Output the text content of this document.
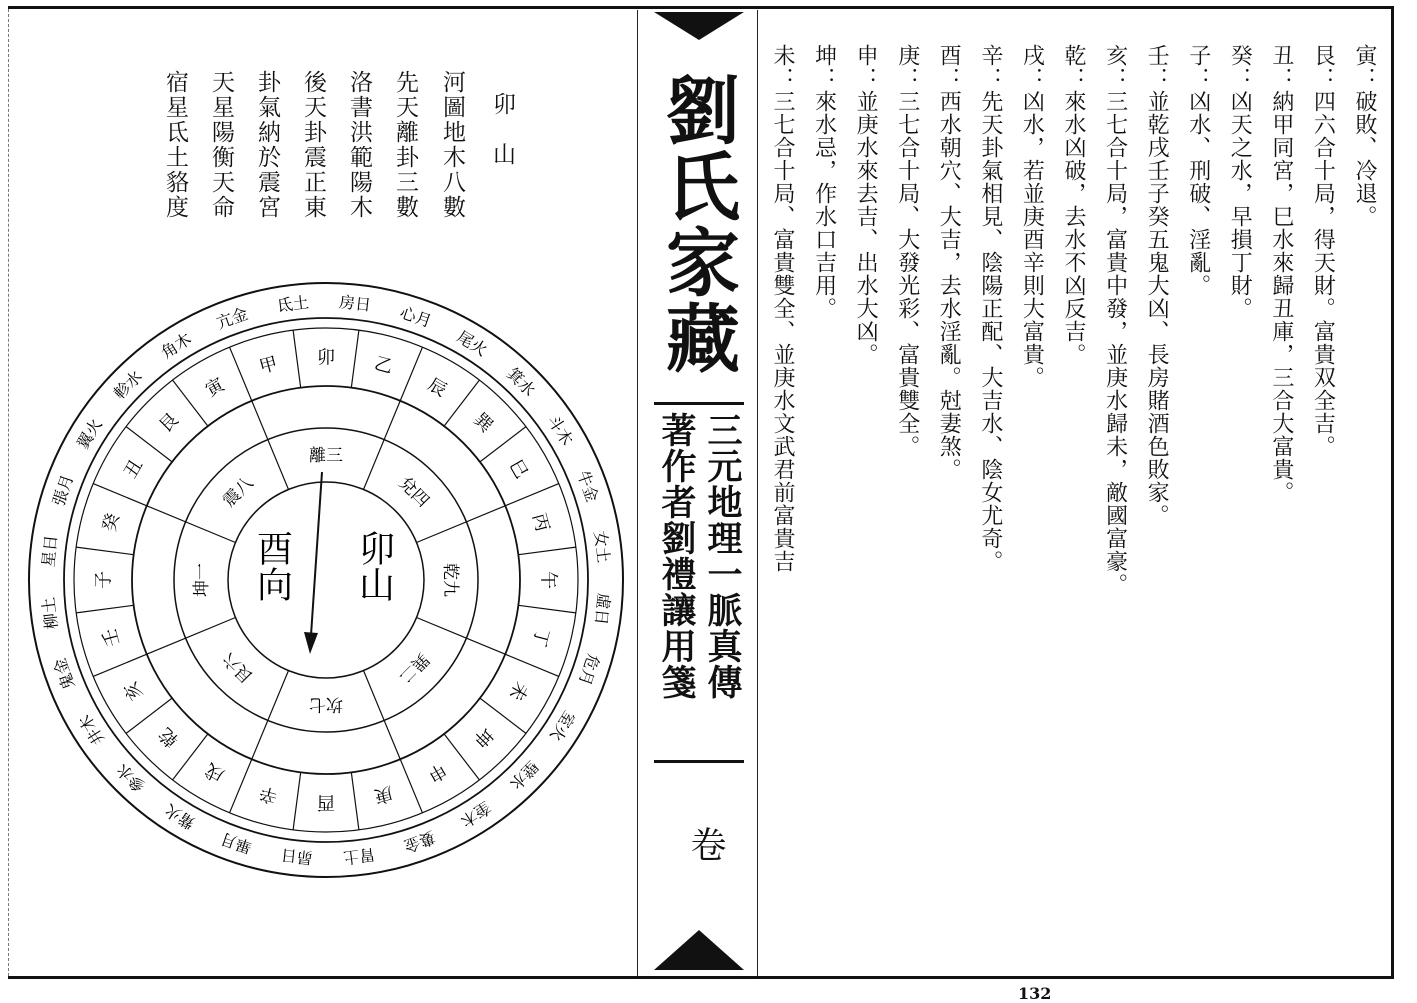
卯　山
河圖地木八數
先天離卦三數
洛書洪範陽木
後天卦震正東
卦氣納於震宮
天星陽衡天命
宿星氐土貉度
房日 心月
尾火
箕水
斗木
牛金
女土
虛日
危月
室火
壁水
奎木
婁金
胃土
昴日
畢月
觜火
參水
井木
鬼金
柳土
星日
張月
翼火
軫水
角木
亢金 氐土
甲 卯 乙
辰
巽
巳
丙
午
丁
未
坤
申
庚
酉
辛
戌
乾
亥
壬
子
癸
丑
艮
寅
離三
兌四
乾九
巽二
坎七
艮六
坤一
震八
卯山
酉向
劉氏家藏
三元地理一脈真傳
著作者劉禮讓用箋
卷
寅：破敗、冷退。
艮：四六合十局，得天財。富貴双全吉。
丑：納甲同宮，巳水來歸丑庫，三合大富貴。
癸：凶天之水，早損丁財。
子：凶水、刑破、淫亂。
壬：並乾戌壬子癸五鬼大凶、長房賭酒色敗家。
亥：三七合十局，富貴中發，並庚水歸未，敵國富豪。
乾：來水凶破，去水不凶反吉。
戌：凶水，若並庚酉辛則大富貴。
辛：先天卦氣相見、陰陽正配、大吉水、陰女尤奇。
酉：西水朝穴、大吉，去水淫亂。尅妻煞。
庚：三七合十局、大發光彩、富貴雙全。
申：並庚水來去吉、出水大凶。
坤：來水忌，作水口吉用。
未：三七合十局、富貴雙全、並庚水文武君前富貴吉
132
